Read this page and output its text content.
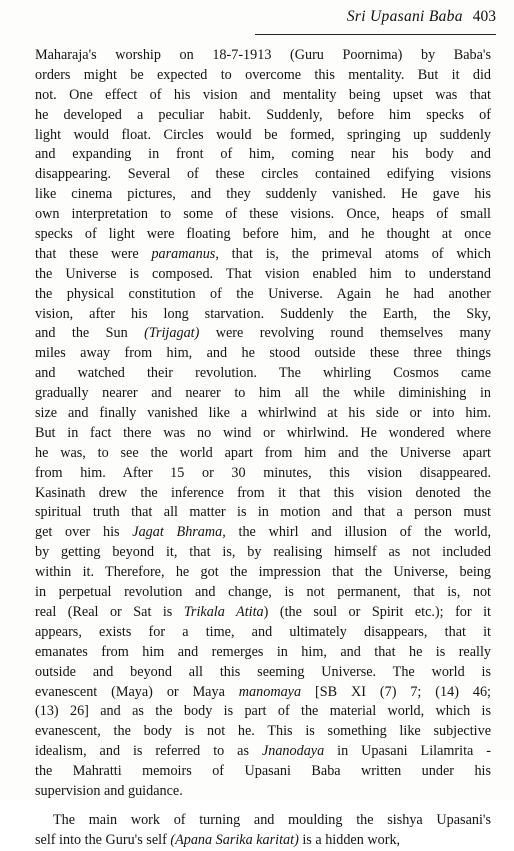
Sri Upasani Baba 403
Maharaja's worship on 18-7-1913 (Guru Poornima) by Baba's
orders might be expected to overcome this mentality. But it did
not. One effect of his vision and mentality being upset was that
he developed a peculiar habit. Suddenly, before him specks of
light would float. Circles would be formed, springing up suddenly
and expanding in front of him, coming near his body and
disappearing. Several of these circles contained edifying visions
like cinema pictures, and they suddenly vanished. He gave his
own interpretation to some of these visions. Once, heaps of small
specks of light were floating before him, and he thought at once
that these were paramanus, that is, the primeval atoms of which
the Universe is composed. That vision enabled him to understand
the physical constitution of the Universe. Again he had another
vision, after his long starvation. Suddenly the Earth, the Sky,
and the Sun (Trijagat) were revolving round themselves many
miles away from him, and he stood outside these three things
and watched their revolution. The whirling Cosmos came
gradually nearer and nearer to him all the while diminishing in
size and finally vanished like a whirlwind at his side or into him.
But in fact there was no wind or whirlwind. He wondered where
he was, to see the world apart from him and the Universe apart
from him. After 15 or 30 minutes, this vision disappeared.
Kasinath drew the inference from it that this vision denoted the
spiritual truth that all matter is in motion and that a person must
get over his Jagat Bhrama, the whirl and illusion of the world,
by getting beyond it, that is, by realising himself as not included
within it. Therefore, he got the impression that the Universe, being
in perpetual revolution and change, is not permanent, that is, not
real (Real or Sat is Trikala Atita) (the soul or Spirit etc.); for it
appears, exists for a time, and ultimately disappears, that it
emanates from him and remerges in him, and that he is really
outside and beyond all this seeming Universe. The world is
evanescent (Maya) or Maya manomaya [SB XI (7) 7; (14) 46;
(13) 26] and as the body is part of the material world, which is
evanescent, the body is not he. This is something like subjective
idealism, and is referred to as Jnanodaya in Upasani Lilamrita -
the Mahratti memoirs of Upasani Baba written under his
supervision and guidance.
The main work of turning and moulding the sishya Upasani's
self into the Guru's self (Apana Sarika karitat) is a hidden work,
